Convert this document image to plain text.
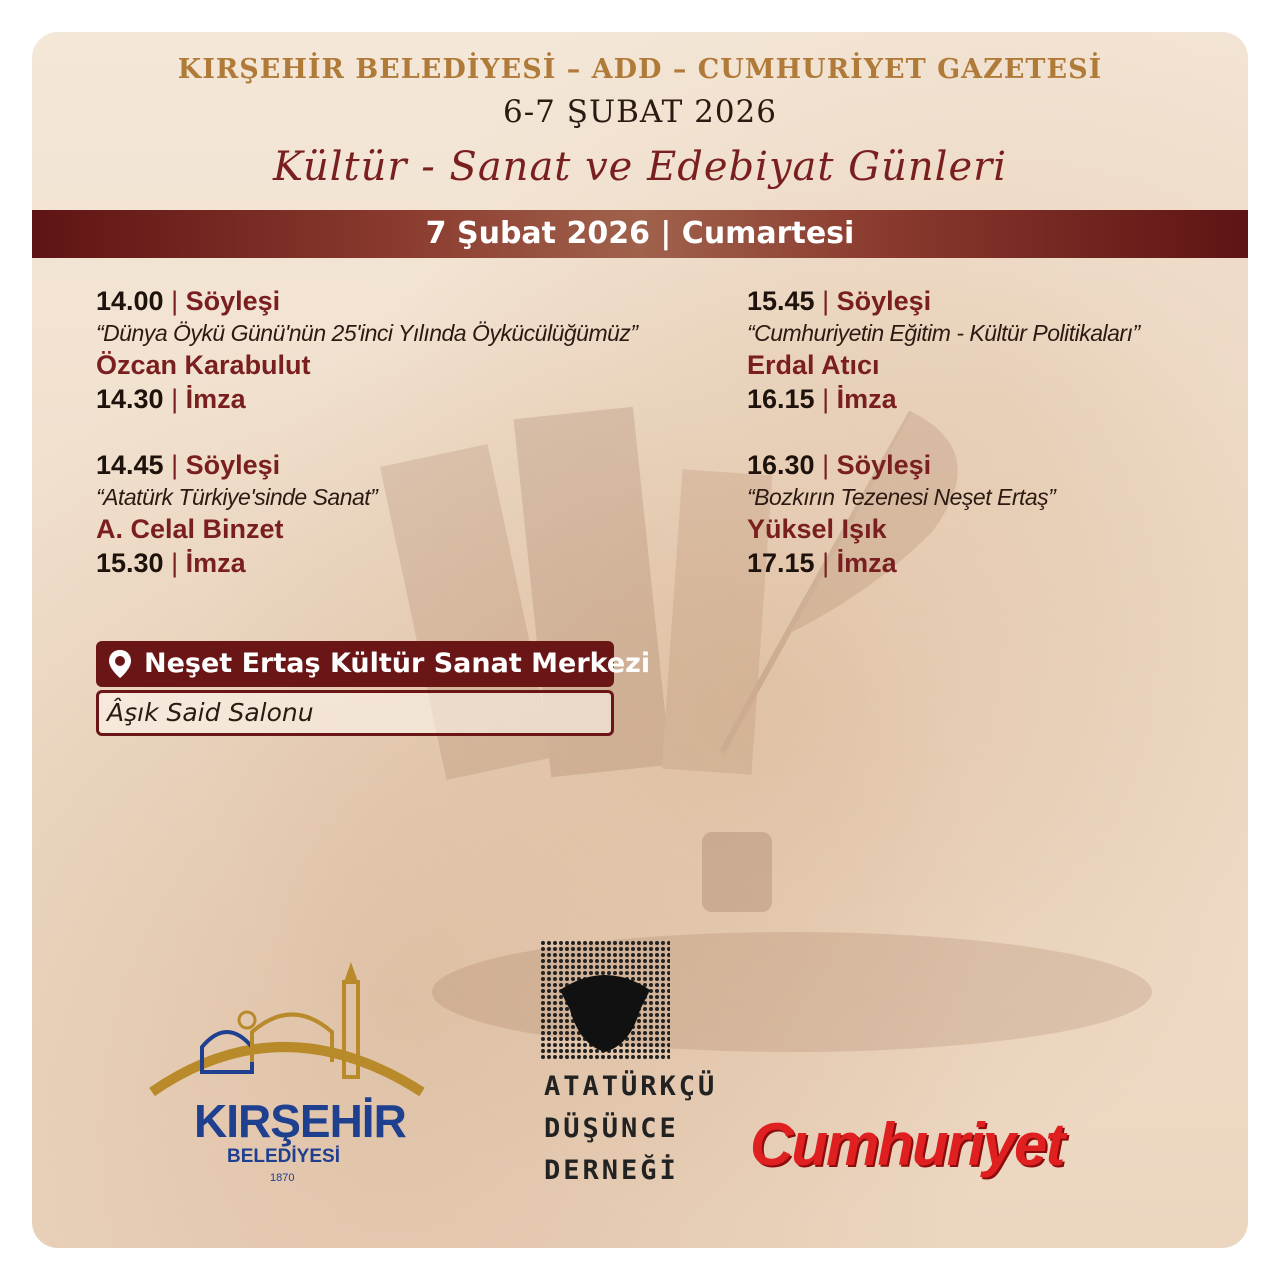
KIRŞEHİR BELEDİYESİ – ADD – CUMHURİYET GAZETESİ
6-7 ŞUBAT 2026
Kültür - Sanat ve Edebiyat Günleri
7 Şubat 2026 | Cumartesi
14.00 | Söyleşi
“Dünya Öykü Günü'nün 25'inci Yılında Öykücülüğümüz”
Özcan Karabulut
14.30 | İmza
14.45 | Söyleşi
“Atatürk Türkiye'sinde Sanat”
A. Celal Binzet
15.30 | İmza
15.45 | Söyleşi
“Cumhuriyetin Eğitim - Kültür Politikaları”
Erdal Atıcı
16.15 | İmza
16.30 | Söyleşi
“Bozkırın Tezenesi Neşet Ertaş”
Yüksel Işık
17.15 | İmza
Neşet Ertaş Kültür Sanat Merkezi
Âşık Said Salonu
KIRŞEHİR
BELEDİYESİ
1870
ATATÜRKÇÜ
DÜŞÜNCE
DERNEĞİ Cumhuriyet
